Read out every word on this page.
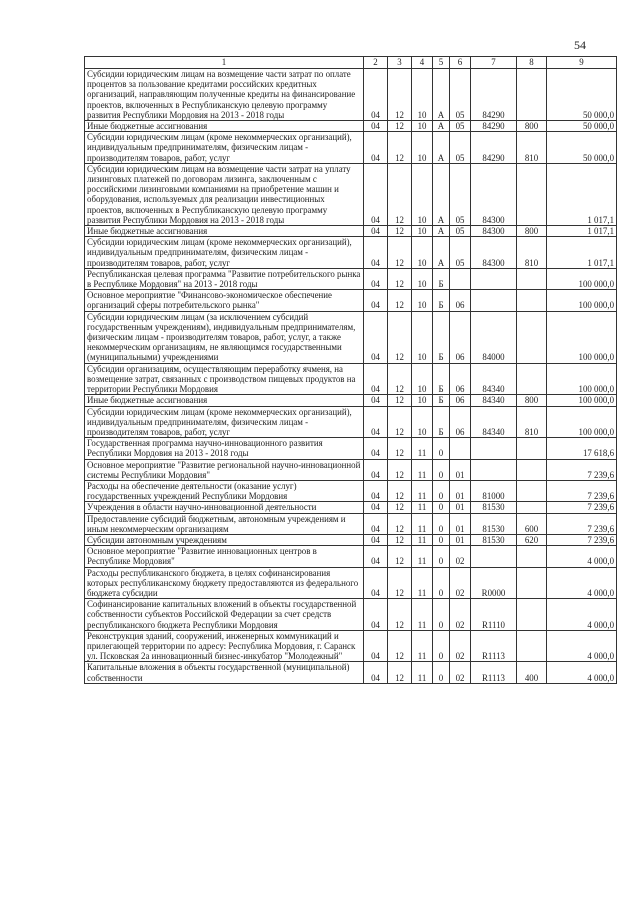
54
1	2	3	4	5	6	7	8	9
Субсидии юридическим лицам на возмещение части затрат по оплате процентов за пользование кредитами российских кредитных организаций, направляющим полученные кредиты на финансирование проектов, включенных в Республиканскую целевую программу развития Республики Мордовия на 2013 - 2018 годы	04	12	10	А	05	84290		50 000,0
Иные бюджетные ассигнования	04	12	10	А	05	84290	800	50 000,0
Субсидии юридическим лицам (кроме некоммерческих организаций), индивидуальным предпринимателям, физическим лицам - производителям товаров, работ, услуг	04	12	10	А	05	84290	810	50 000,0
Субсидии юридическим лицам на возмещение части затрат на уплату лизинговых платежей по договорам лизинга, заключенным с российскими лизинговыми компаниями на приобретение машин и оборудования, используемых для реализации инвестиционных проектов, включенных в Республиканскую целевую программу развития Республики Мордовия на 2013 - 2018 годы	04	12	10	А	05	84300		1 017,1
Иные бюджетные ассигнования	04	12	10	А	05	84300	800	1 017,1
Субсидии юридическим лицам (кроме некоммерческих организаций), индивидуальным предпринимателям, физическим лицам - производителям товаров, работ, услуг	04	12	10	А	05	84300	810	1 017,1
Республиканская целевая программа "Развитие потребительского рынка в Республике Мордовия" на 2013 - 2018 годы	04	12	10	Б				100 000,0
Основное мероприятие "Финансово-экономическое обеспечение организаций сферы потребительского рынка"	04	12	10	Б	06			100 000,0
Субсидии юридическим лицам (за исключением субсидий государственным учреждениям), индивидуальным предпринимателям, физическим лицам - производителям товаров, работ, услуг, а также некоммерческим организациям, не являющимся государственными (муниципальными) учреждениями	04	12	10	Б	06	84000		100 000,0
Субсидии организациям, осуществляющим переработку ячменя, на возмещение затрат, связанных с производством пищевых продуктов на территории Республики Мордовия	04	12	10	Б	06	84340		100 000,0
Иные бюджетные ассигнования	04	12	10	Б	06	84340	800	100 000,0
Субсидии юридическим лицам (кроме некоммерческих организаций), индивидуальным предпринимателям, физическим лицам - производителям товаров, работ, услуг	04	12	10	Б	06	84340	810	100 000,0
Государственная программа научно-инновационного развития Республики Мордовия на 2013 - 2018 годы	04	12	11	0				17 618,6
Основное мероприятие "Развитие региональной научно-инновационной системы Республики Мордовия"	04	12	11	0	01			7 239,6
Расходы на обеспечение деятельности (оказание услуг) государственных учреждений Республики Мордовия	04	12	11	0	01	81000		7 239,6
Учреждения в области научно-инновационной деятельности	04	12	11	0	01	81530		7 239,6
Предоставление субсидий бюджетным, автономным учреждениям и иным некоммерческим организациям	04	12	11	0	01	81530	600	7 239,6
Субсидии автономным учреждениям	04	12	11	0	01	81530	620	7 239,6
Основное мероприятие "Развитие инновационных центров в Республике Мордовия"	04	12	11	0	02			4 000,0
Расходы республиканского бюджета, в целях софинансирования которых республиканскому бюджету предоставляются из федерального бюджета субсидии	04	12	11	0	02	R0000		4 000,0
Софинансирование капитальных вложений в объекты государственной собственности субъектов Российской Федерации за счет средств республиканского бюджета Республики Мордовия	04	12	11	0	02	R1110		4 000,0
Реконструкция зданий, сооружений, инженерных коммуникаций и прилегающей территории по адресу: Республика Мордовия, г. Саранск ул. Псковская 2а инновационный бизнес-инкубатор "Молодежный"	04	12	11	0	02	R1113		4 000,0
Капитальные вложения в объекты государственной (муниципальной) собственности	04	12	11	0	02	R1113	400	4 000,0
